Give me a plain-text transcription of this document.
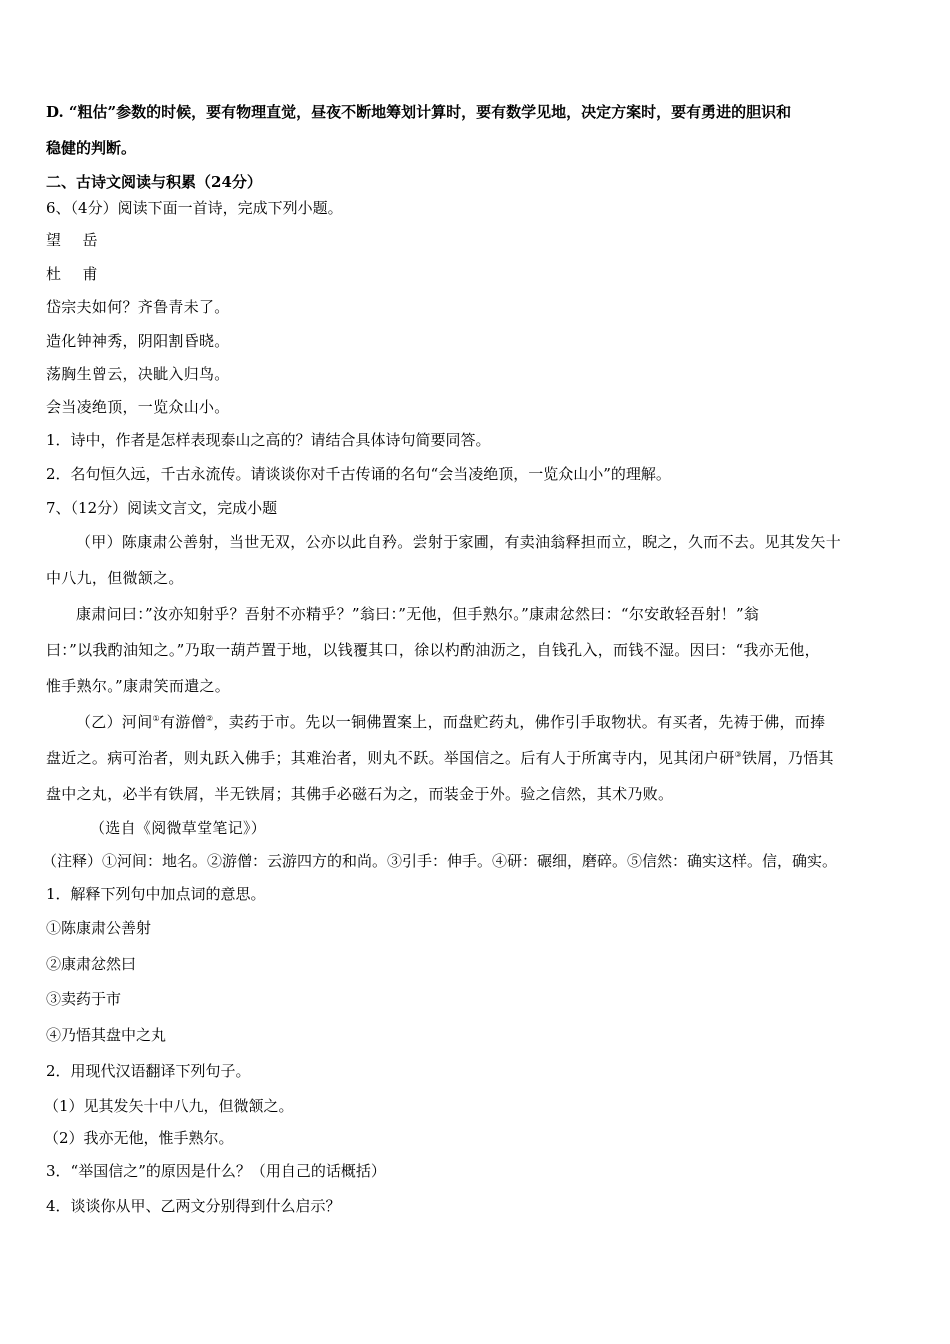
D. “粗估”参数的时候，要有物理直觉，昼夜不断地筹划计算时，要有数学见地，决定方案时，要有勇进的胆识和
稳健的判断。
二、古诗文阅读与积累（24分）
6、（4分）阅读下面一首诗，完成下列小题。
望  岳
杜  甫
岱宗夫如何？齐鲁青未了。
造化钟神秀，阴阳割昏晓。
荡胸生曾云，决眦入归鸟。
会当凌绝顶，一览众山小。
1．诗中，作者是怎样表现泰山之高的？请结合具体诗句简要同答。
2．名句恒久远，千古永流传。请谈谈你对千古传诵的名句“会当凌绝顶，一览众山小”的理解。
7、（12分）阅读文言文，完成小题
（甲）陈康肃公善射，当世无双，公亦以此自矜。尝射于家圃，有卖油翁释担而立，睨之，久而不去。见其发矢十
中八九，但微颔之。
康肃问曰：”汝亦知射乎？吾射不亦精乎？”翁曰：”无他，但手熟尔。”康肃忿然曰：“尔安敢轻吾射！”翁
曰：”以我酌油知之。”乃取一葫芦置于地，以钱覆其口，徐以杓酌油沥之，自钱孔入，而钱不湿。因曰：“我亦无他，
惟手熟尔。”康肃笑而遣之。
（乙）河间①有游僧②，卖药于市。先以一铜佛置案上，而盘贮药丸，佛作引手取物状。有买者，先祷于佛，而捧
盘近之。病可治者，则丸跃入佛手；其难治者，则丸不跃。举国信之。后有人于所寓寺内，见其闭户研③铁屑，乃悟其
盘中之丸，必半有铁屑，半无铁屑；其佛手必磁石为之，而装金于外。验之信然，其术乃败。
（选自《阅微草堂笔记》）
（注释）①河间：地名。②游僧：云游四方的和尚。③引手：伸手。④研：碾细，磨碎。⑤信然：确实这样。信，确实。
1．解释下列句中加点词的意思。
①陈康肃公善射
②康肃忿然曰
③卖药于市
④乃悟其盘中之丸
2．用现代汉语翻译下列句子。
（1）见其发矢十中八九，但微颔之。
（2）我亦无他，惟手熟尔。
3．“举国信之”的原因是什么？（用自己的话概括）
4．谈谈你从甲、乙两文分别得到什么启示？
